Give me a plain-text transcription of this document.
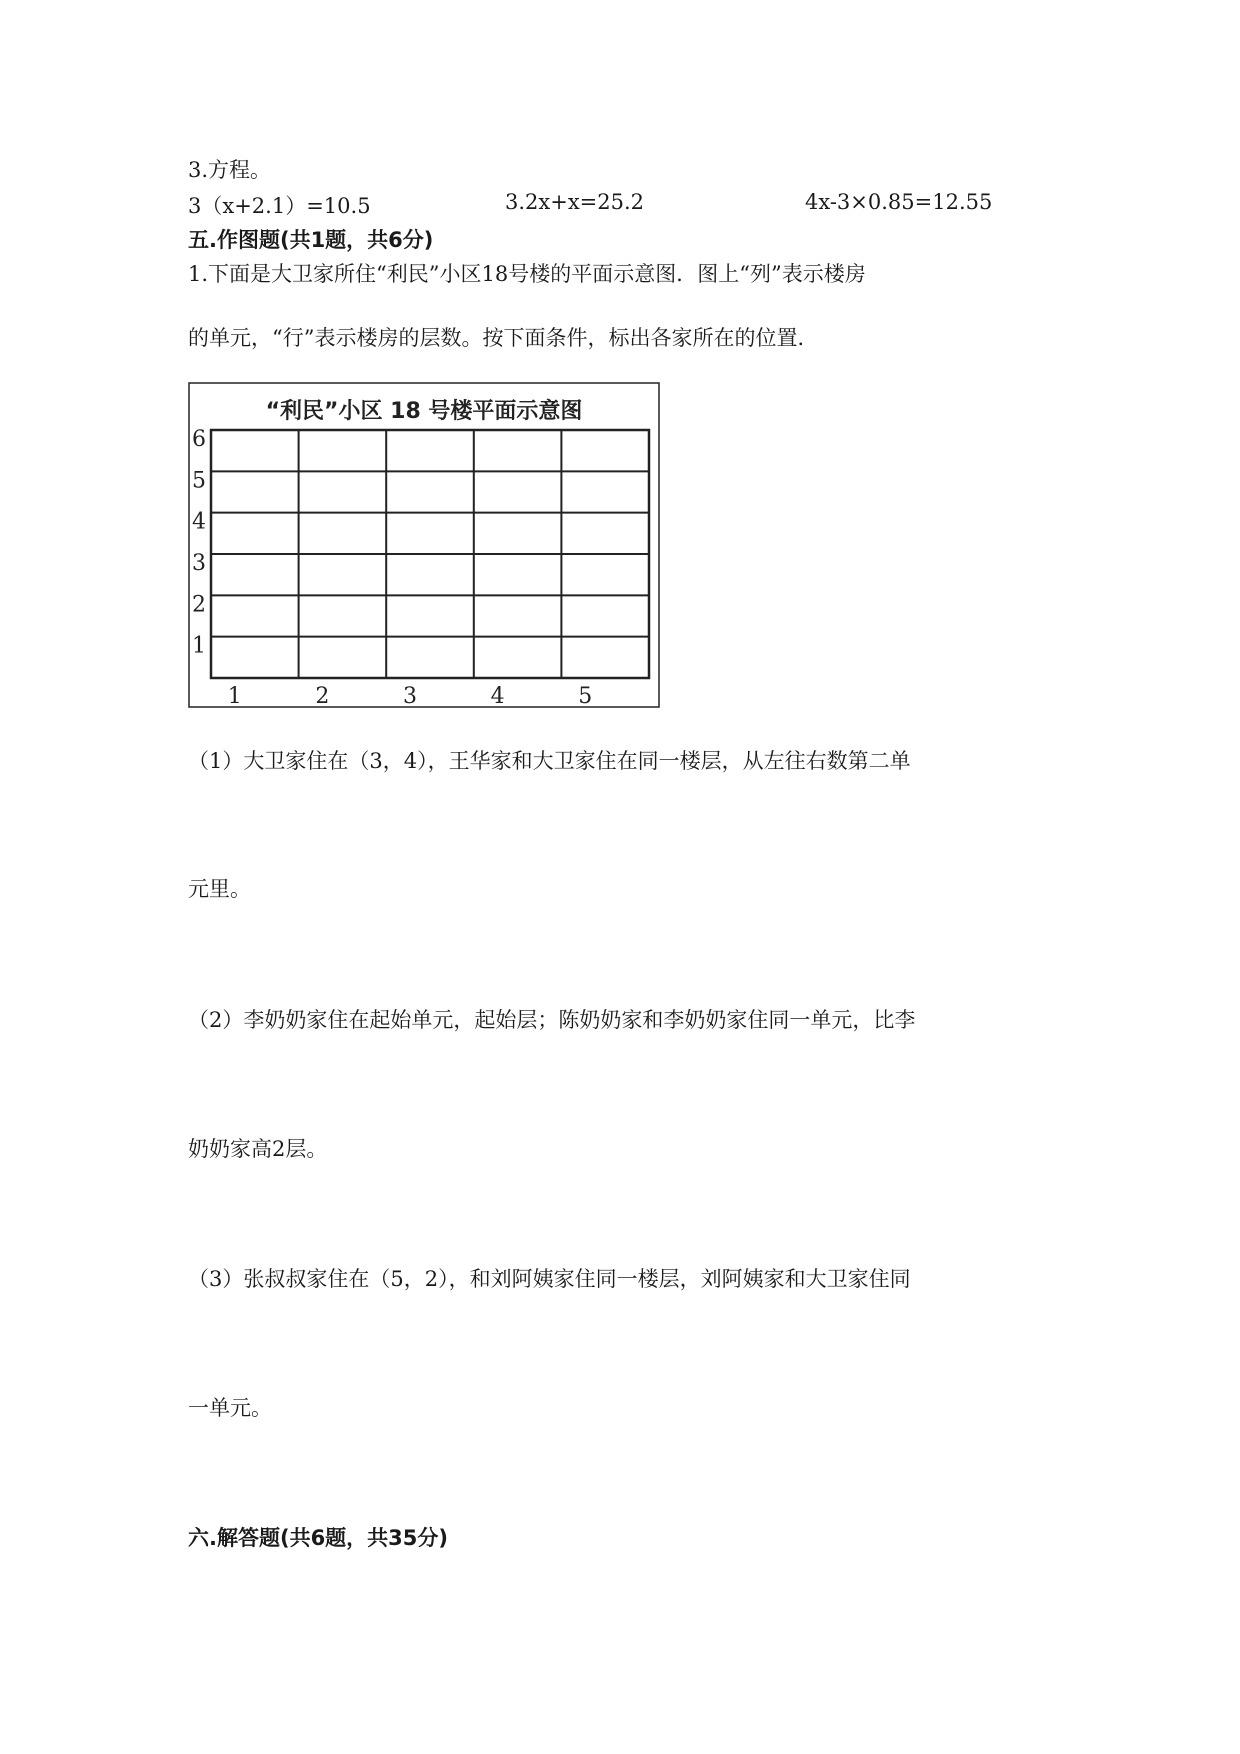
3.方程。
3（x+2.1）=10.5	3.2x+x=25.2	4x-3×0.85=12.55
五.作图题(共1题，共6分)
1.下面是大卫家所住“利民”小区18号楼的平面示意图．图上“列”表示楼房
的单元，“行”表示楼房的层数。按下面条件，标出各家所在的位置．
“利民”小区 18 号楼平面示意图
6
5
4
3
2
1
1	2	3	4	5
（1）大卫家住在（3，4），王华家和大卫家住在同一楼层，从左往右数第二单
元里。
（2）李奶奶家住在起始单元，起始层；陈奶奶家和李奶奶家住同一单元，比李
奶奶家高2层。
（3）张叔叔家住在（5，2），和刘阿姨家住同一楼层，刘阿姨家和大卫家住同
一单元。
六.解答题(共6题，共35分)
